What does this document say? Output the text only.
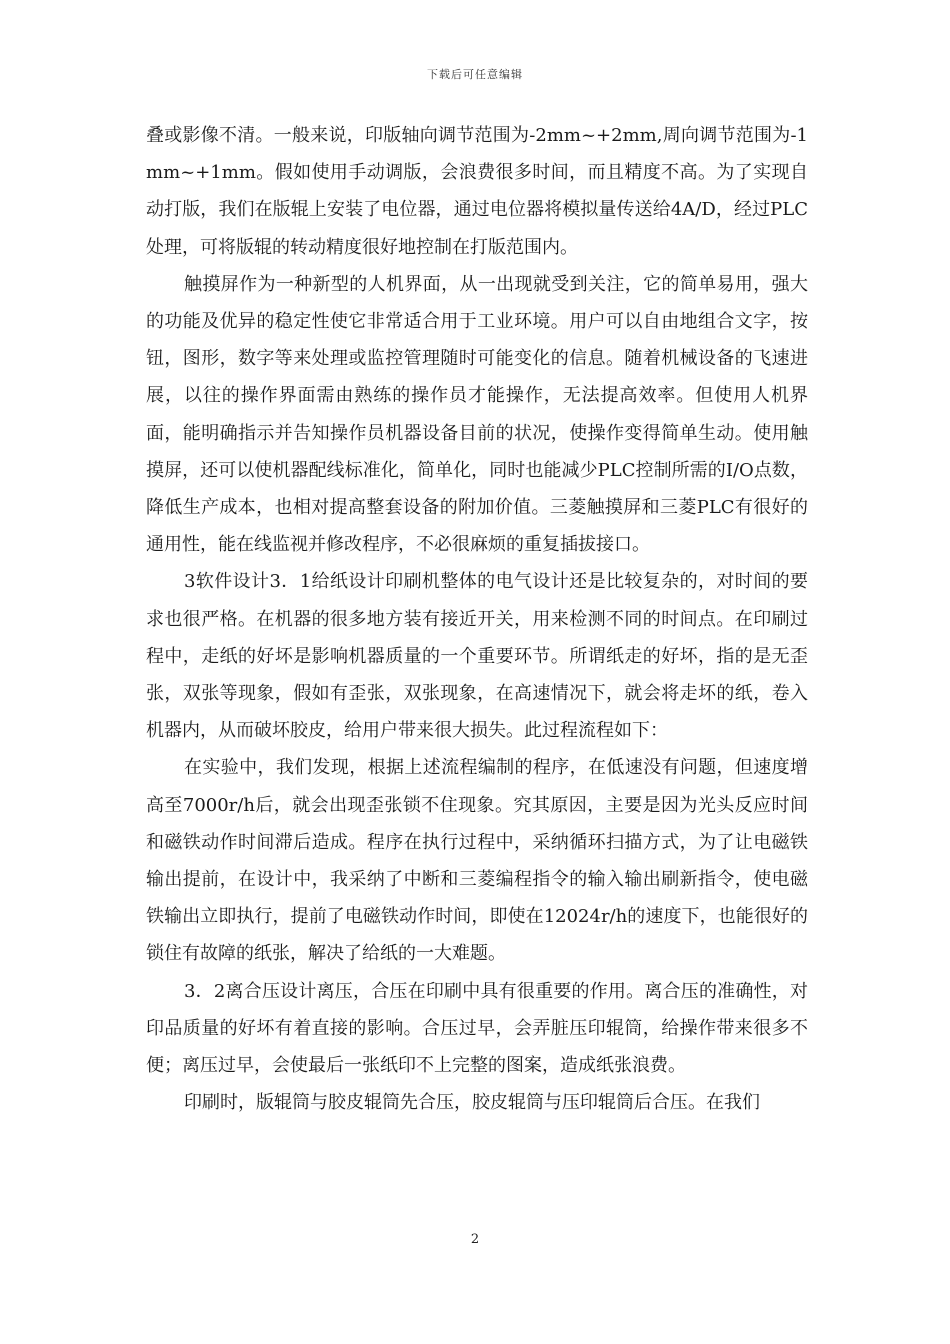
下载后可任意编辑

叠或影像不清。一般来说，印版轴向调节范围为-2mm~+2mm,周向调节范围为-1mm~+1mm。假如使用手动调版，会浪费很多时间，而且精度不高。为了实现自动打版，我们在版辊上安装了电位器，通过电位器将模拟量传送给4A/D，经过PLC处理，可将版辊的转动精度很好地控制在打版范围内。

触摸屏作为一种新型的人机界面，从一出现就受到关注，它的简单易用，强大的功能及优异的稳定性使它非常适合用于工业环境。用户可以自由地组合文字，按钮，图形，数字等来处理或监控管理随时可能变化的信息。随着机械设备的飞速进展，以往的操作界面需由熟练的操作员才能操作，无法提高效率。但使用人机界面，能明确指示并告知操作员机器设备目前的状况，使操作变得简单生动。使用触摸屏，还可以使机器配线标准化，简单化，同时也能减少PLC控制所需的I/O点数，降低生产成本，也相对提高整套设备的附加价值。三菱触摸屏和三菱PLC有很好的通用性，能在线监视并修改程序，不必很麻烦的重复插拔接口。

3软件设计3．1给纸设计印刷机整体的电气设计还是比较复杂的，对时间的要求也很严格。在机器的很多地方装有接近开关，用来检测不同的时间点。在印刷过程中，走纸的好坏是影响机器质量的一个重要环节。所谓纸走的好坏，指的是无歪张，双张等现象，假如有歪张，双张现象，在高速情况下，就会将走坏的纸，卷入机器内，从而破坏胶皮，给用户带来很大损失。此过程流程如下：

在实验中，我们发现，根据上述流程编制的程序，在低速没有问题，但速度增高至7000r/h后，就会出现歪张锁不住现象。究其原因，主要是因为光头反应时间和磁铁动作时间滞后造成。程序在执行过程中，采纳循环扫描方式，为了让电磁铁输出提前，在设计中，我采纳了中断和三菱编程指令的输入输出刷新指令，使电磁铁输出立即执行，提前了电磁铁动作时间，即使在12024r/h的速度下，也能很好的锁住有故障的纸张，解决了给纸的一大难题。

3．2离合压设计离压，合压在印刷中具有很重要的作用。离合压的准确性，对印品质量的好坏有着直接的影响。合压过早，会弄脏压印辊筒，给操作带来很多不便；离压过早，会使最后一张纸印不上完整的图案，造成纸张浪费。

印刷时，版辊筒与胶皮辊筒先合压，胶皮辊筒与压印辊筒后合压。在我们

2
